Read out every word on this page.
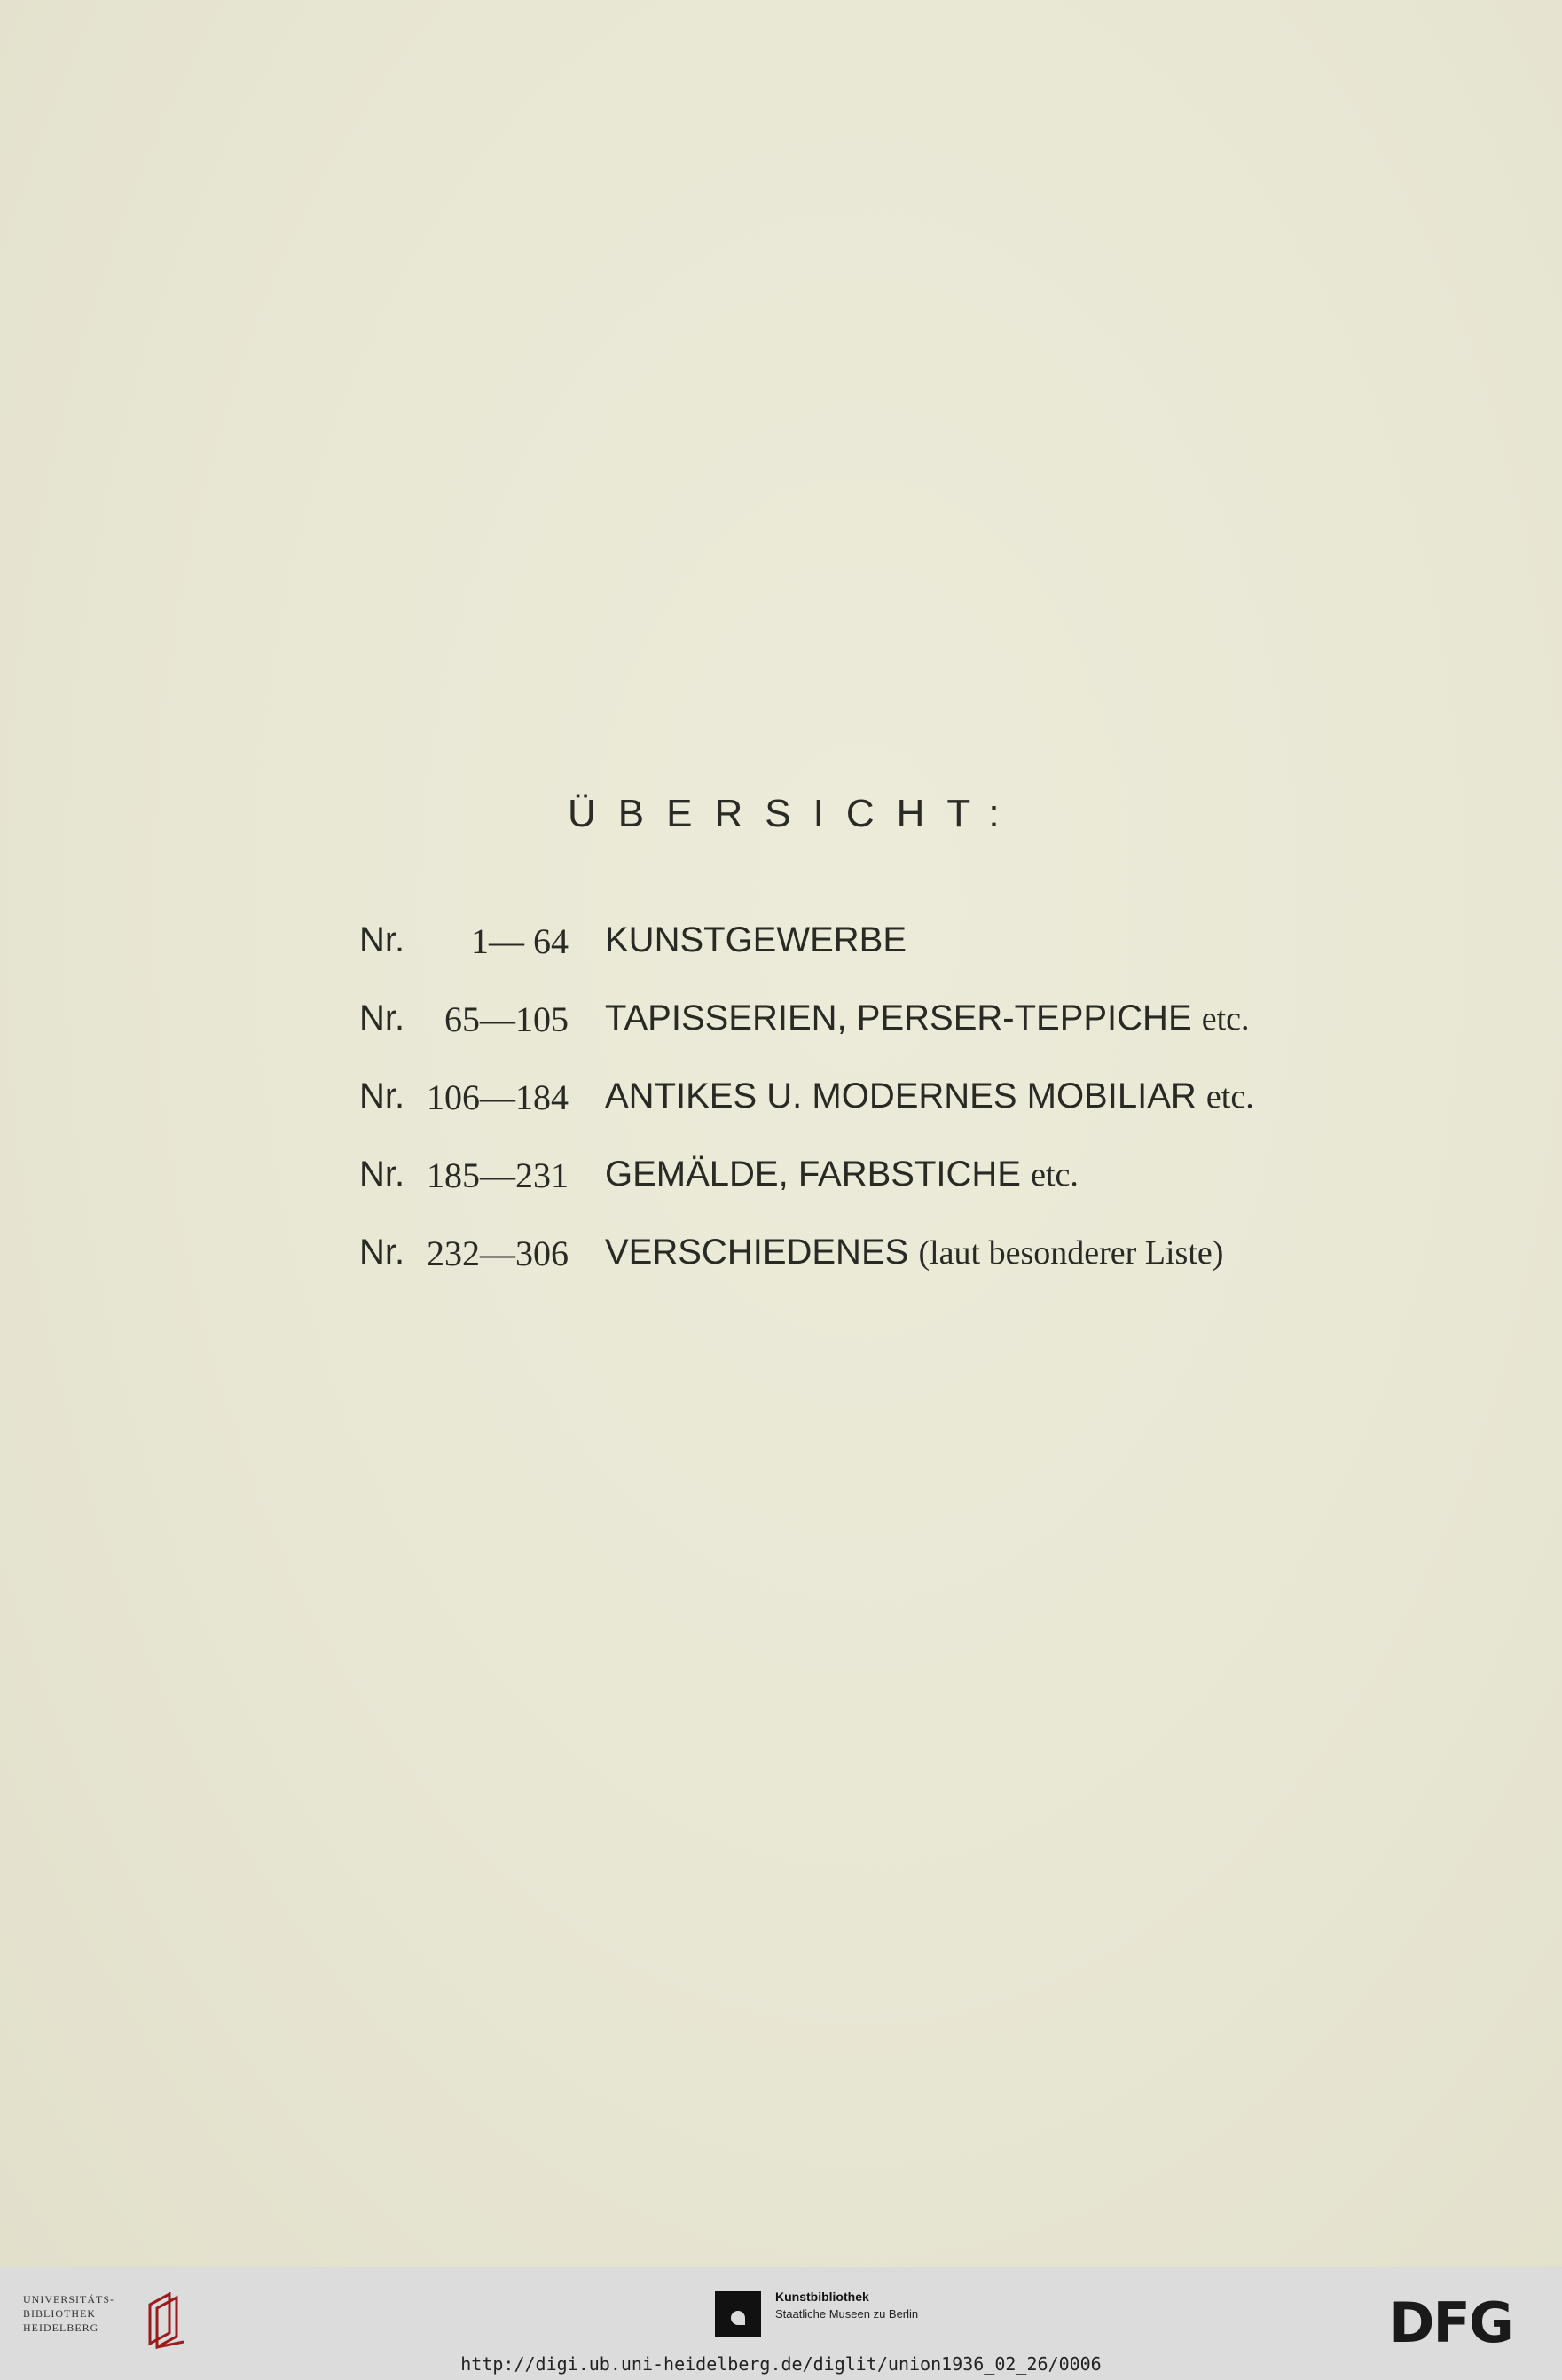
ÜBERSICHT:
Nr.	1— 64 KUNSTGEWERBE
Nr.	65—105 TAPISSERIEN, PERSER-TEPPICHE etc.
Nr. 106—184 ANTIKES U. MODERNES MOBILIAR etc.
Nr. 185—231 GEMÄLDE, FARBSTICHE etc.
Nr. 232—306 VERSCHIEDENES (laut besonderer Liste)
UNIVERSITÄTS-
BIBLIOTHEK
HEIDELBERG
Kunstbibliothek
Staatliche Museen zu Berlin	DFG
http://digi.ub.uni-heidelberg.de/diglit/union1936_02_26/0006
